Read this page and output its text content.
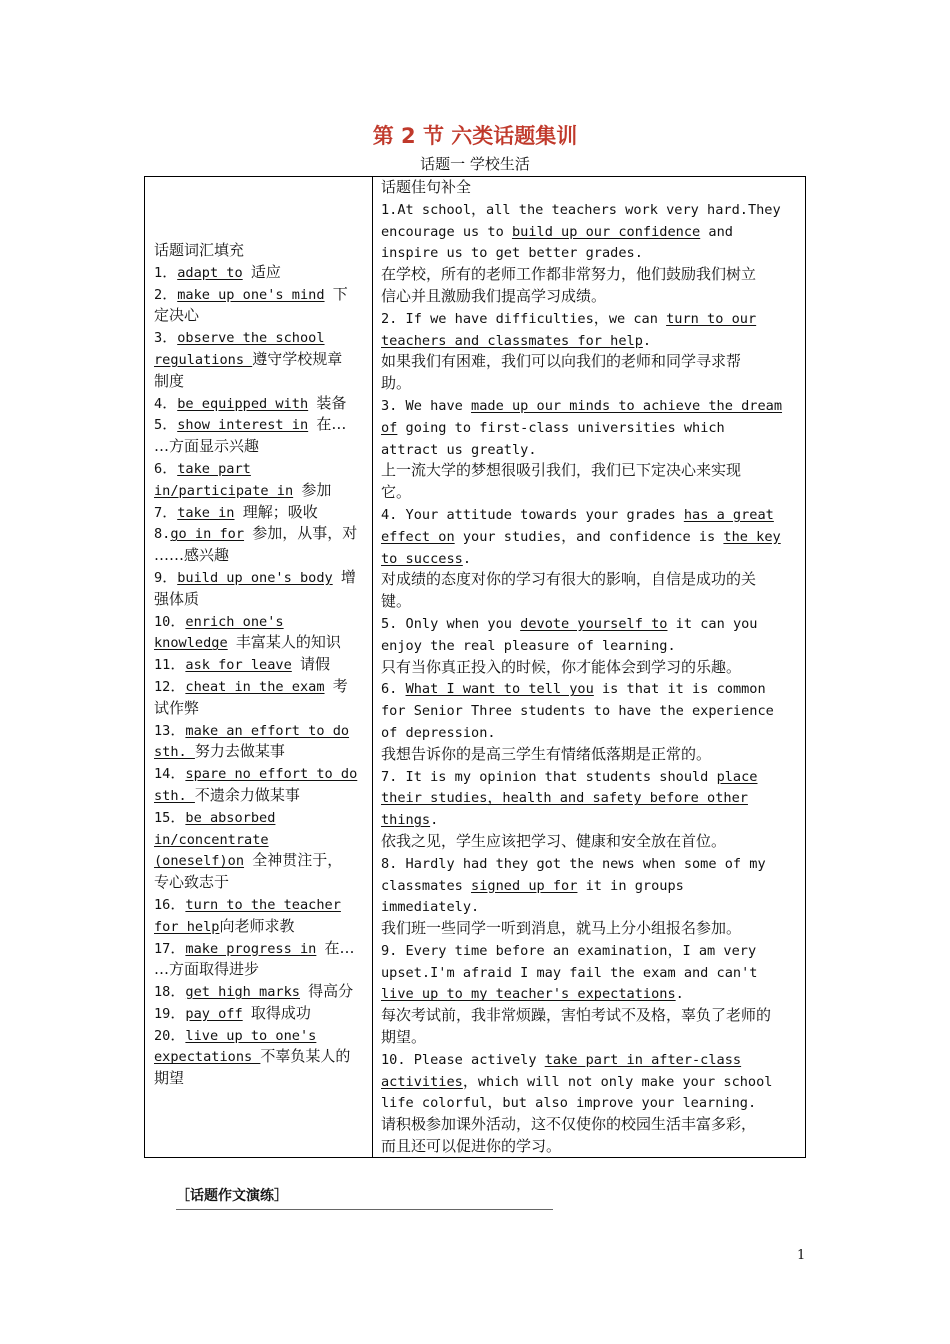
第 2 节 六类话题集训
话题一 学校生活
话题词汇填充
1．adapt to 适应
2．make up one's mind 下
定决心
3．observe the school
regulations 遵守学校规章
制度
4．be equipped with 装备
5．show interest in 在…
…方面显示兴趣
6．take part
in/participate in 参加
7．take in 理解；吸收
8.go in for 参加，从事，对
……感兴趣
9．build up one's body 增
强体质
10．enrich one's
knowledge 丰富某人的知识
11．ask for leave 请假
12．cheat in the exam 考
试作弊
13．make an effort to do
sth. 努力去做某事
14．spare no effort to do
sth. 不遗余力做某事
15．be absorbed
in/concentrate
(oneself)on 全神贯注于，
专心致志于
16．turn to the teacher
for help向老师求教
17．make progress in 在…
…方面取得进步
18．get high marks 得高分
19．pay off 取得成功
20．live up to one's
expectations 不辜负某人的
期望
话题佳句补全
1.At school，all the teachers work very hard.They
encourage us to build up our confidence and
inspire us to get better grades.
在学校，所有的老师工作都非常努力，他们鼓励我们树立
信心并且激励我们提高学习成绩。
2. If we have difficulties，we can turn to our
teachers and classmates for help.
如果我们有困难，我们可以向我们的老师和同学寻求帮
助。
3. We have made up our minds to achieve the dream
of going to first-class universities which
attract us greatly.
上一流大学的梦想很吸引我们，我们已下定决心来实现
它。
4. Your attitude towards your grades has a great
effect on your studies，and confidence is the key
to success.
对成绩的态度对你的学习有很大的影响，自信是成功的关
键。
5. Only when you devote yourself to it can you
enjoy the real pleasure of learning.
只有当你真正投入的时候，你才能体会到学习的乐趣。
6. What I want to tell you is that it is common
for Senior Three students to have the experience
of depression.
我想告诉你的是高三学生有情绪低落期是正常的。
7. It is my opinion that students should place
their studies，health and safety before other
things.
依我之见，学生应该把学习、健康和安全放在首位。
8. Hardly had they got the news when some of my
classmates signed up for it in groups
immediately.
我们班一些同学一听到消息，就马上分小组报名参加。
9. Every time before an examination，I am very
upset.I'm afraid I may fail the exam and can't
live up to my teacher's expectations.
每次考试前，我非常烦躁，害怕考试不及格，辜负了老师的
期望。
10. Please actively take part in after-class
activities，which will not only make your school
life colorful，but also improve your learning.
请积极参加课外活动，这不仅使你的校园生活丰富多彩，
而且还可以促进你的学习。
［话题作文演练］
1
